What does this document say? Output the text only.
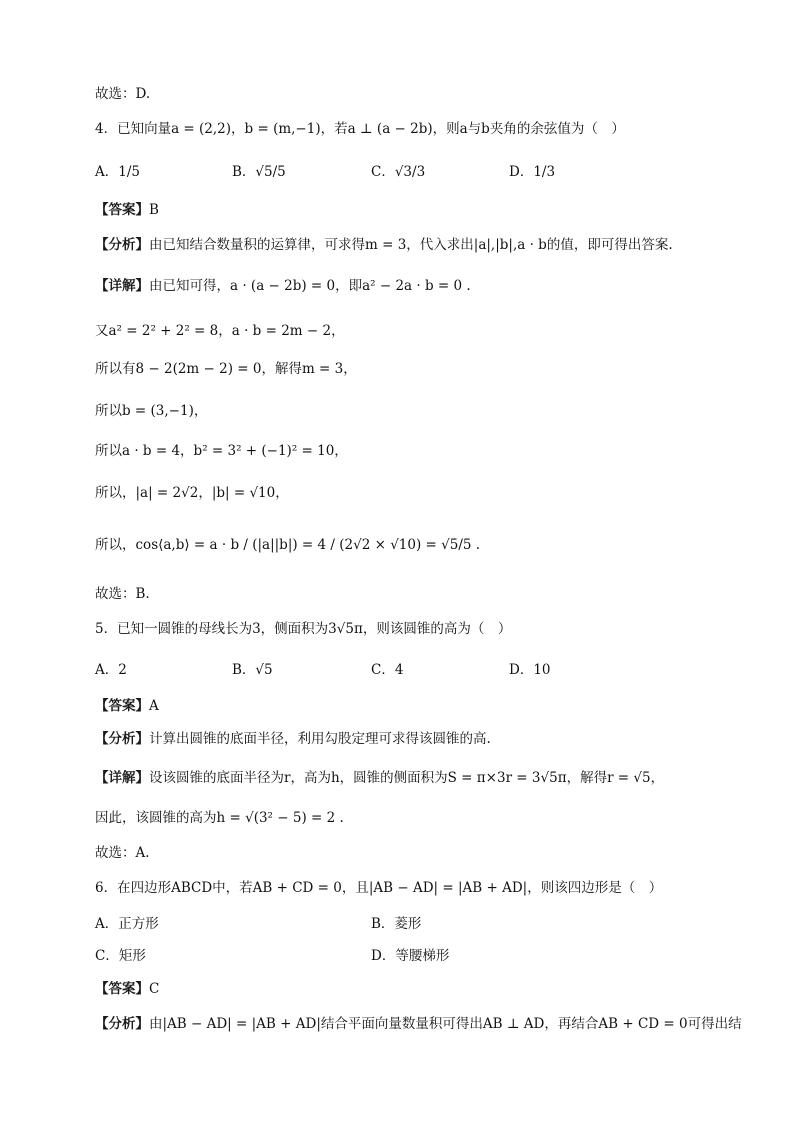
故选：D.
4．已知向量a = (2,2)，b = (m,−1)，若a ⊥ (a − 2b)，则a与b夹角的余弦值为（　）
A．1/5	B．√5/5	C．√3/3	D．1/3
【答案】B
【分析】由已知结合数量积的运算律，可求得m = 3，代入求出|a|,|b|,a · b的值，即可得出答案.
【详解】由已知可得，a · (a − 2b) = 0，即a² − 2a · b = 0 .
又a² = 2² + 2² = 8，a · b = 2m − 2，
所以有8 − 2(2m − 2) = 0，解得m = 3，
所以b = (3,−1)，
所以a · b = 4，b² = 3² + (−1)² = 10，
所以，|a| = 2√2，|b| = √10，
所以，cos⟨a,b⟩ = a · b / (|a||b|) = 4 / (2√2 × √10) = √5/5 .
故选：B.
5．已知一圆锥的母线长为3，侧面积为3√5π，则该圆锥的高为（　）
A．2	B．√5	C．4	D．10
【答案】A
【分析】计算出圆锥的底面半径，利用勾股定理可求得该圆锥的高.
【详解】设该圆锥的底面半径为r，高为h，圆锥的侧面积为S = π×3r = 3√5π，解得r = √5，
因此，该圆锥的高为h = √(3² − 5) = 2 .
故选：A.
6．在四边形ABCD中，若AB + CD = 0，且|AB − AD| = |AB + AD|，则该四边形是（　）
A．正方形	B．菱形
C．矩形	D．等腰梯形
【答案】C
【分析】由|AB − AD| = |AB + AD|结合平面向量数量积可得出AB ⊥ AD，再结合AB + CD = 0可得出结
